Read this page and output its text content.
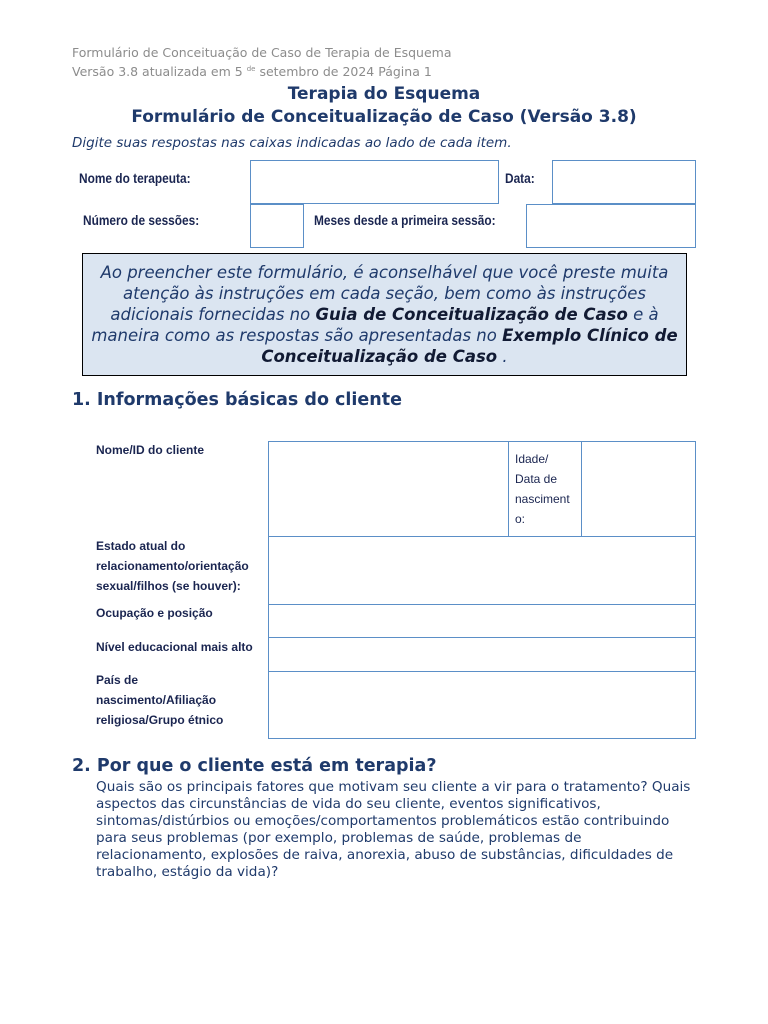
Formulário de Conceituação de Caso de Terapia de Esquema
Versão 3.8 atualizada em 5 $^{de}$ setembro de 2024 Página 1
Terapia do Esquema
Formulário de Conceitualização de Caso (Versão 3.8)
Digite suas respostas nas caixas indicadas ao lado de cada item.
Nome do terapeuta:	Data:
Número de sessões:	Meses desde a primeira sessão:
Ao preencher este formulário, é aconselhável que você preste muita atenção às instruções em cada seção, bem como às instruções adicionais fornecidas no Guia de Conceitualização de Caso e à maneira como as respostas são apresentadas no Exemplo Clínico de Conceitualização de Caso .
1. Informações básicas do cliente
Nome/ID do cliente
Idade/
Data de
nasciment
o:
Estado atual do
relacionamento/orientação
sexual/filhos (se houver):
Ocupação e posição
Nível educacional mais alto
País de
nascimento/Afiliação
religiosa/Grupo étnico
2. Por que o cliente está em terapia?
Quais são os principais fatores que motivam seu cliente a vir para o tratamento? Quais aspectos das circunstâncias de vida do seu cliente, eventos significativos, sintomas/distúrbios ou emoções/comportamentos problemáticos estão contribuindo para seus problemas (por exemplo, problemas de saúde, problemas de relacionamento, explosões de raiva, anorexia, abuso de substâncias, dificuldades de trabalho, estágio da vida)?
